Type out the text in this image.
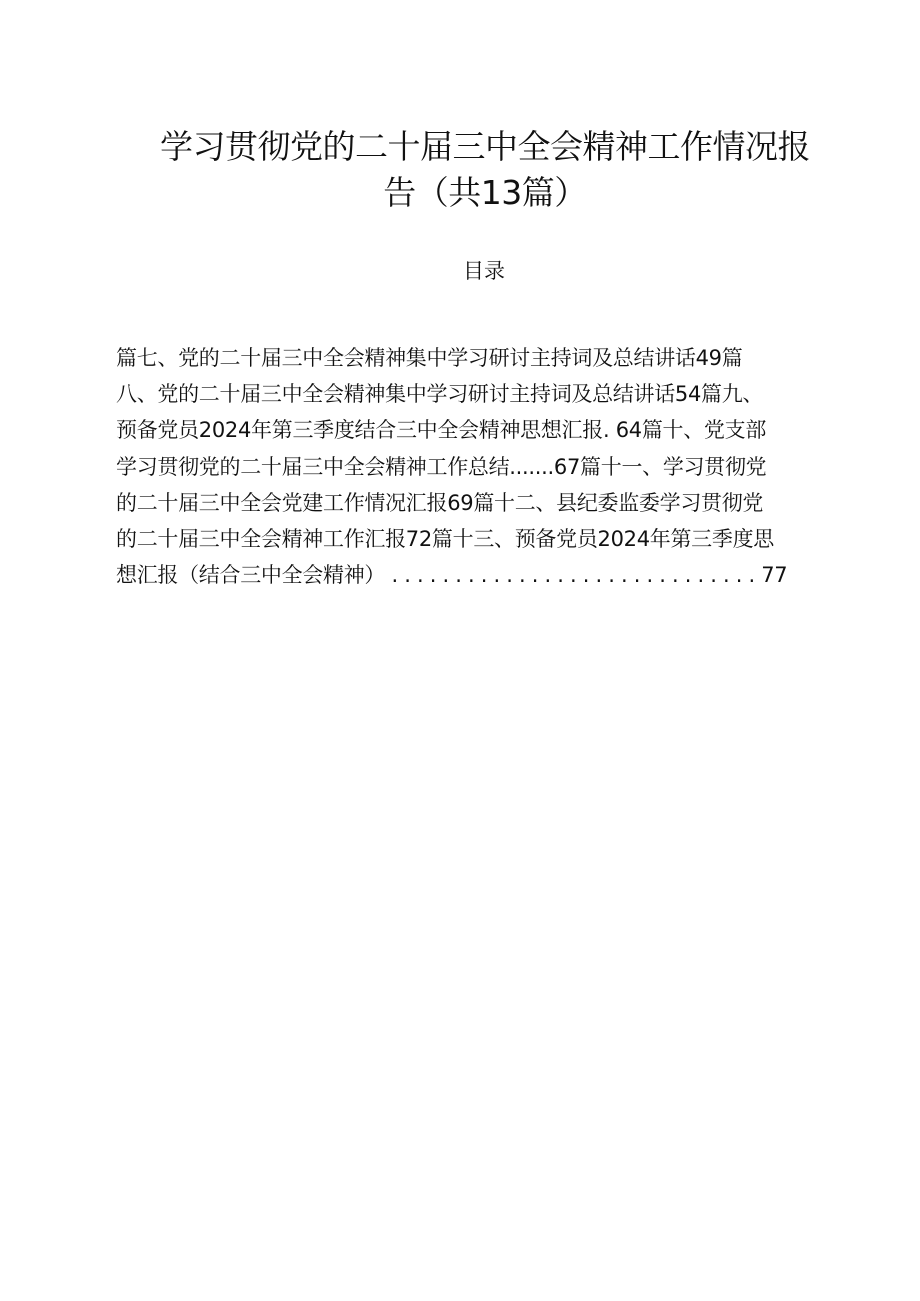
学习贯彻党的二十届三中全会精神工作情况报
告（共13篇）
目录
篇七、党的二十届三中全会精神集中学习研讨主持词及总结讲话49篇
八、党的二十届三中全会精神集中学习研讨主持词及总结讲话54篇九、
预备党员2024年第三季度结合三中全会精神思想汇报. 64篇十、党支部
学习贯彻党的二十届三中全会精神工作总结.......67篇十一、学习贯彻党
的二十届三中全会党建工作情况汇报69篇十二、县纪委监委学习贯彻党
的二十届三中全会精神工作汇报72篇十三、预备党员2024年第三季度思
想汇报（结合三中全会精神） . . . . . . . . . . . . . . . . . . . . . . . . . . . . . 77
